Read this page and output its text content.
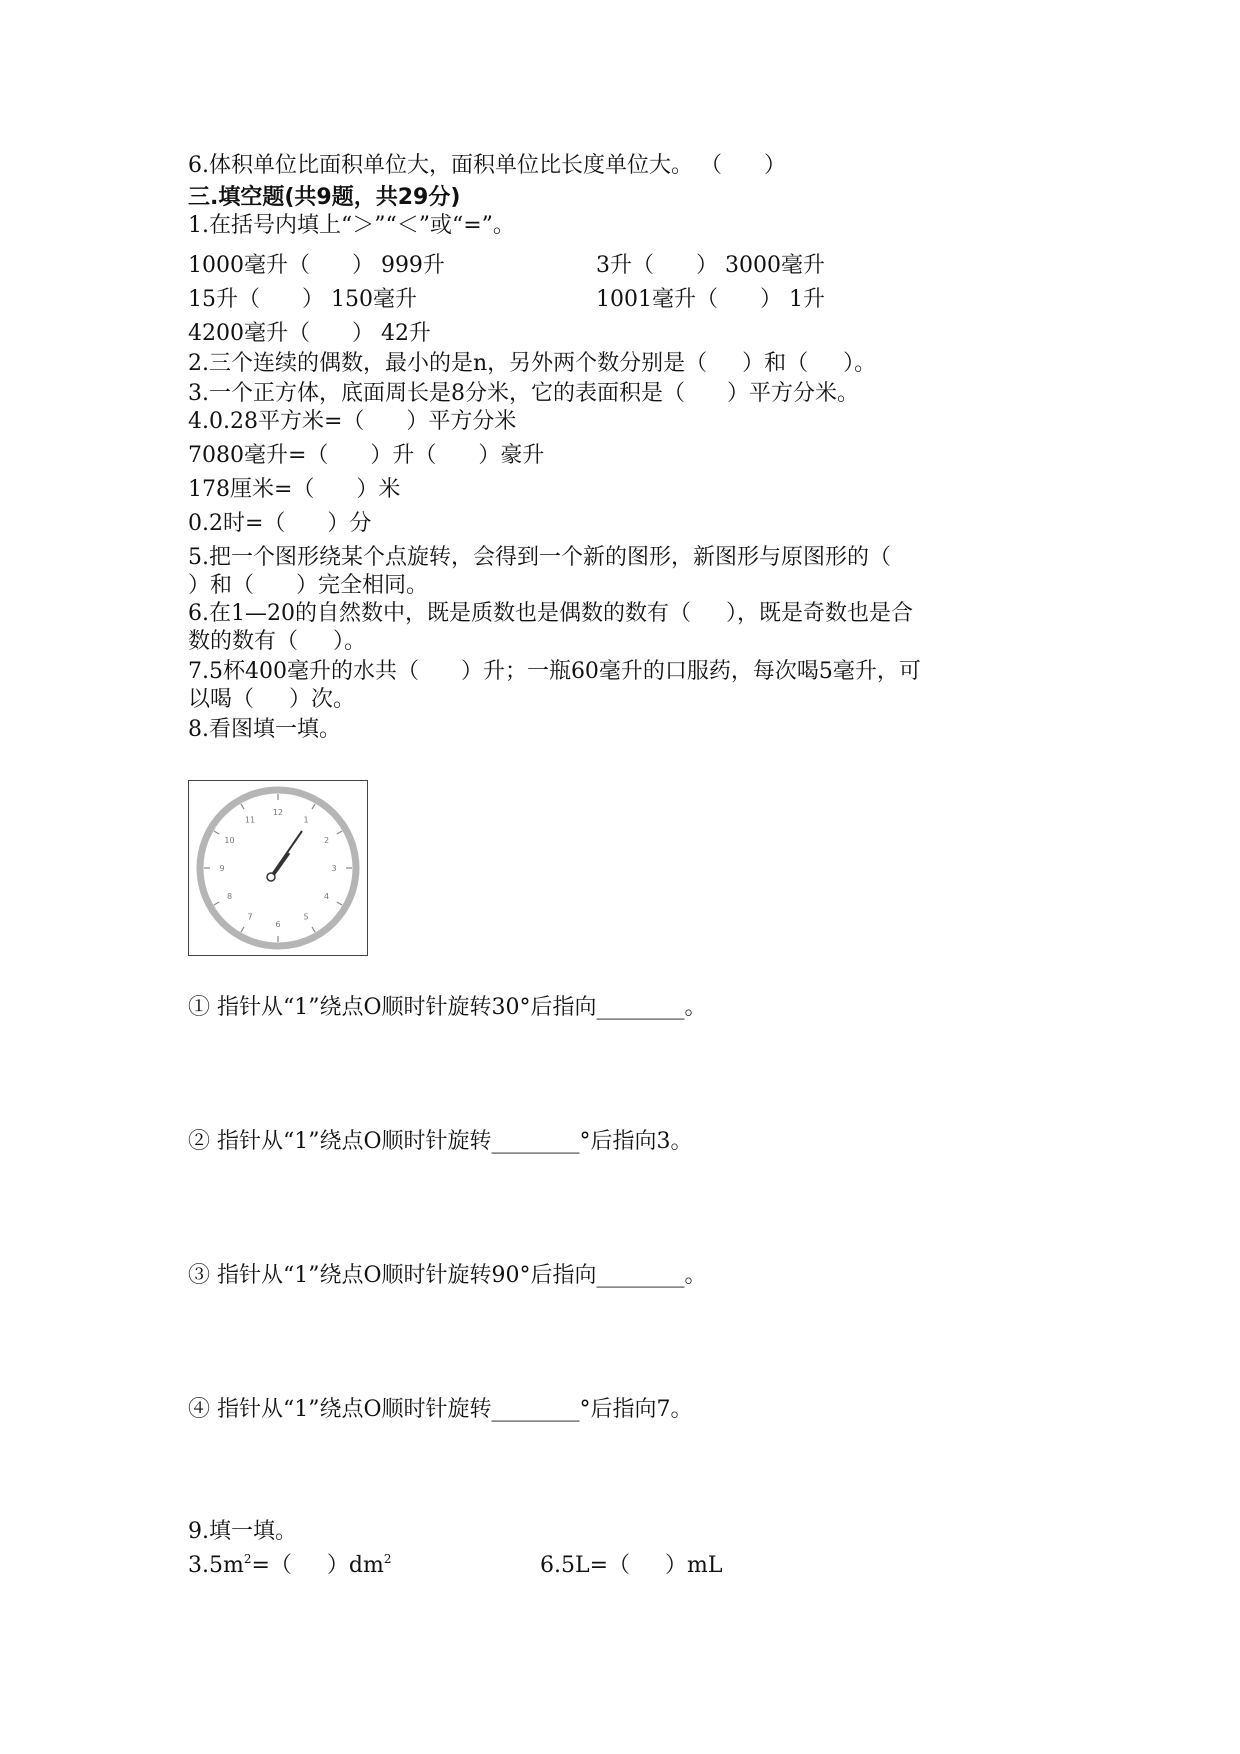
6.体积单位比面积单位大，面积单位比长度单位大。 （      ）
三.填空题(共9题，共29分)
1.在括号内填上“＞”“＜”或“=”。
1000毫升（      ） 999升	3升（      ） 3000毫升
15升（      ） 150毫升	1001毫升（      ） 1升
4200毫升（      ） 42升
2.三个连续的偶数，最小的是n，另外两个数分别是（     ）和（     ）。
3.一个正方体，底面周长是8分米，它的表面积是（      ）平方分米。
4.0.28平方米=（      ）平方分米
7080毫升=（      ）升（      ）豪升
178厘米=（      ）米
0.2时=（      ）分
5.把一个图形绕某个点旋转，会得到一个新的图形，新图形与原图形的（
）和（      ）完全相同。
6.在1—20的自然数中，既是质数也是偶数的数有（     ），既是奇数也是合
数的数有（     ）。
7.5杯400毫升的水共（      ）升；一瓶60毫升的口服药，每次喝5毫升，可
以喝（     ）次。
8.看图填一填。
12
1
2
3
4
5
6
7
8
9
10
11
① 指针从“1”绕点O顺时针旋转30°后指向________。
② 指针从“1”绕点O顺时针旋转________°后指向3。
③ 指针从“1”绕点O顺时针旋转90°后指向________。
④ 指针从“1”绕点O顺时针旋转________°后指向7。
9.填一填。
$3.5m^2=$（     ）$dm^2$	6.5L=（     ）mL
